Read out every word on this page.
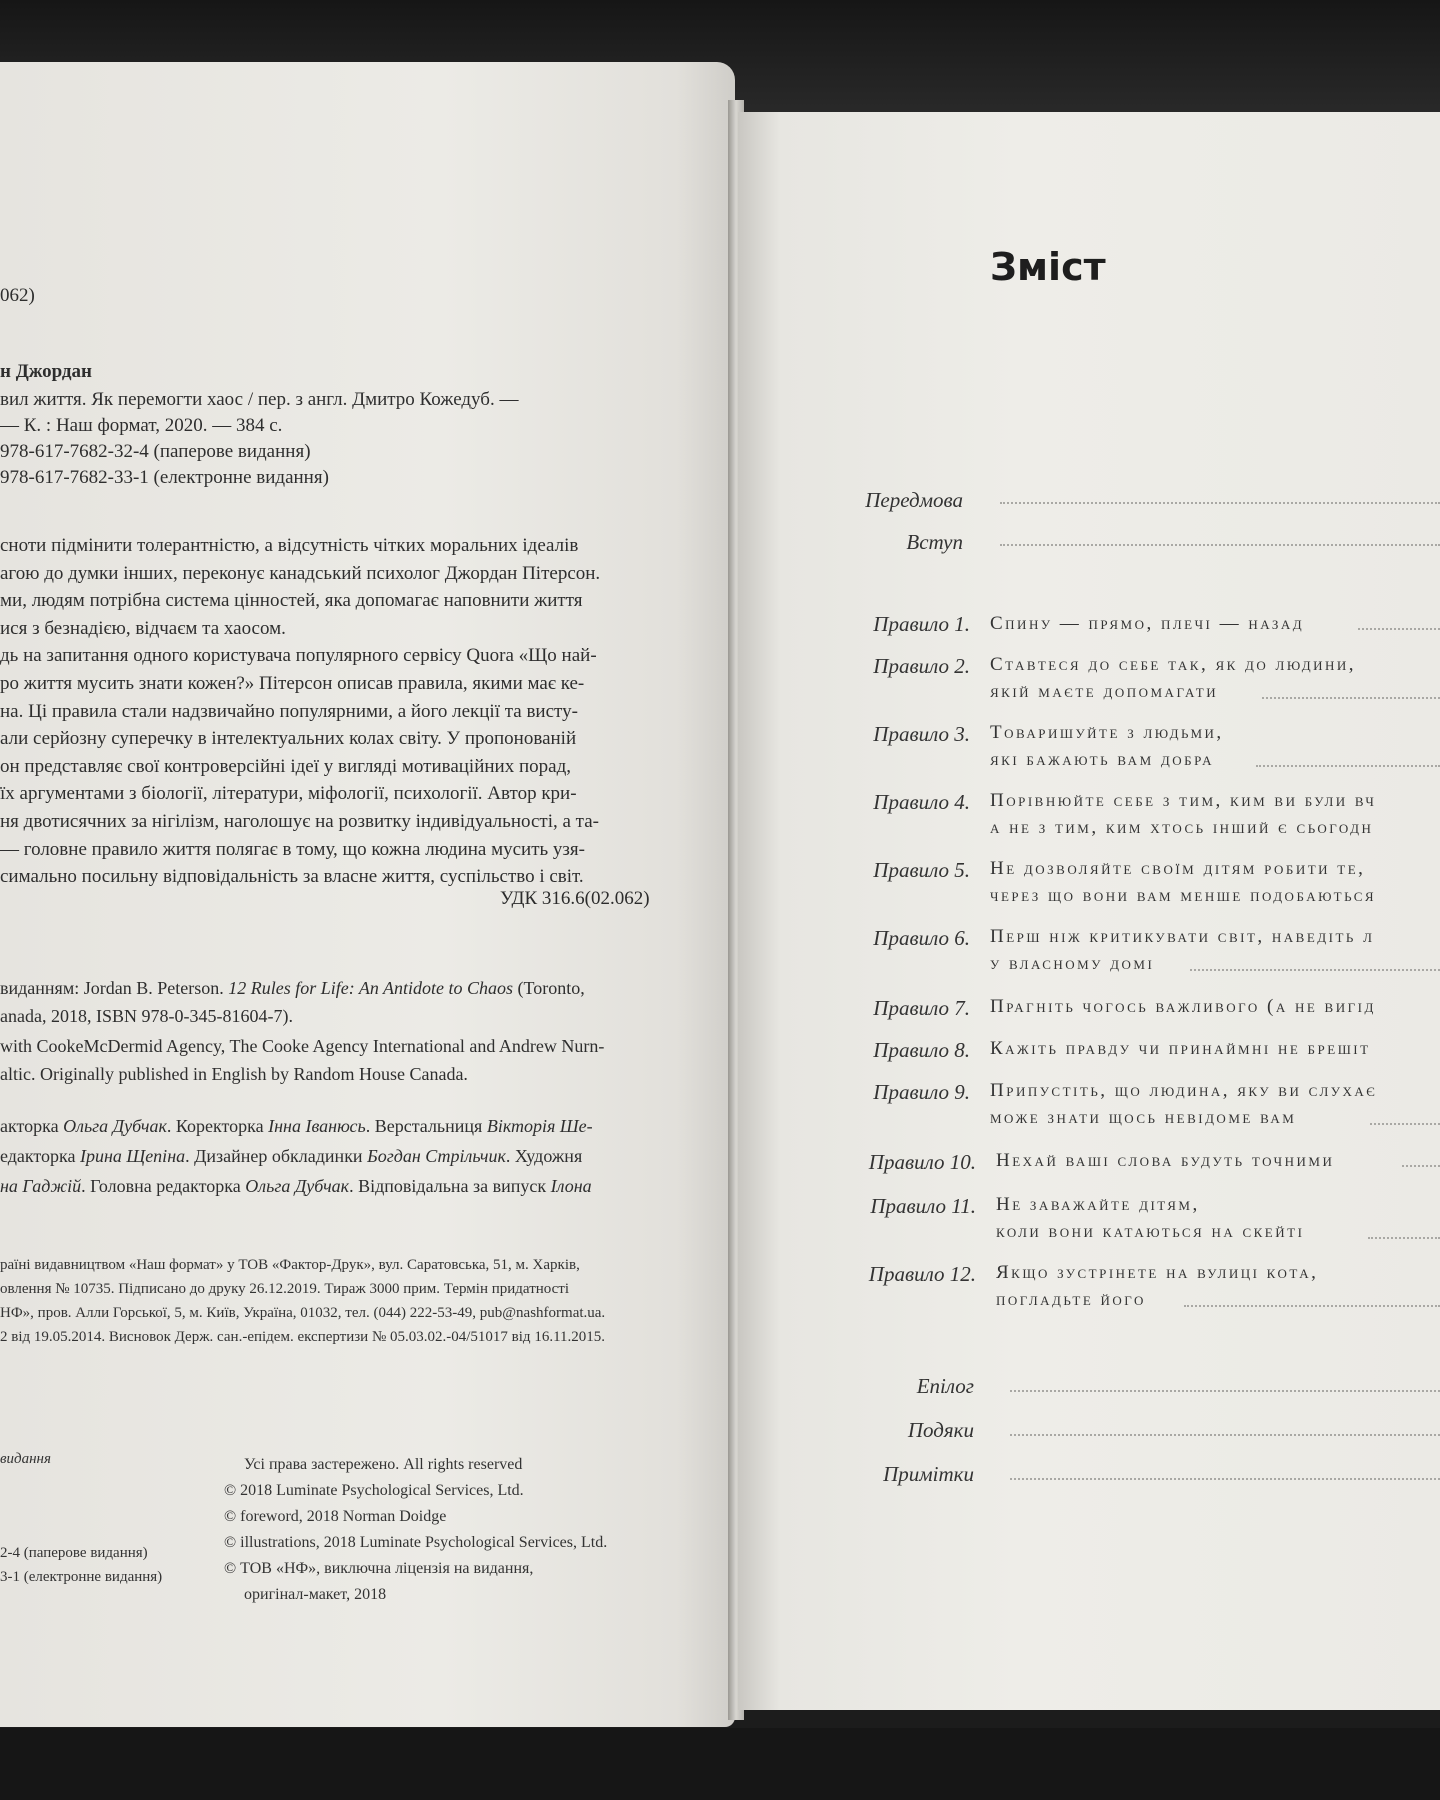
062)
н Джордан
вил життя. Як перемогти хаос / пер. з англ. Дмитро Кожедуб. —
— К. : Наш формат, 2020. — 384 с.
978-617-7682-32-4 (паперове видання)
978-617-7682-33-1 (електронне видання)
сноти підмінити толерантністю, а відсутність чітких моральних ідеалів
агою до думки інших, переконує канадський психолог Джордан Пітерсон.
ми, людям потрібна система цінностей, яка допомагає наповнити життя
ися з безнадією, відчаєм та хаосом.
дь на запитання одного користувача популярного сервісу Quora «Що най-
ро життя мусить знати кожен?» Пітерсон описав правила, якими має ке-
на. Ці правила стали надзвичайно популярними, а його лекції та висту-
али серйозну суперечку в інтелектуальних колах світу. У пропонованій
он представляє свої контроверсійні ідеї у вигляді мотиваційних порад,
їх аргументами з біології, літератури, міфології, психології. Автор кри-
ня двотисячних за нігілізм, наголошує на розвитку індивідуальності, а та-
— головне правило життя полягає в тому, що кожна людина мусить узя-
симально посильну відповідальність за власне життя, суспільство і світ.
УДК 316.6(02.062)
виданням: Jordan B. Peterson. 12 Rules for Life: An Antidote to Chaos (Toronto,
anada, 2018, ISBN 978-0-345-81604-7).
with CookeMcDermid Agency, The Cooke Agency International and Andrew Nurn-
altic. Originally published in English by Random House Canada.
акторка Ольга Дубчак. Коректорка Інна Іванюсь. Верстальниця Вікторія Ше-
едакторка Ірина Щепіна. Дизайнер обкладинки Богдан Стрільчик. Художня
на Гаджій. Головна редакторка Ольга Дубчак. Відповідальна за випуск Ілона
раїні видавництвом «Наш формат» у ТОВ «Фактор-Друк», вул. Саратовська, 51, м. Харків,
овлення № 10735. Підписано до друку 26.12.2019. Тираж 3000 прим. Термін придатності
НФ», пров. Алли Горської, 5, м. Київ, Україна, 01032, тел. (044) 222-53-49, pub@nashformat.ua.
2 від 19.05.2014. Висновок Держ. сан.-епідем. експертизи № 05.03.02.-04/51017 від 16.11.2015.
видання
2-4 (паперове видання)
3-1 (електронне видання)
Усі права застережено. All rights reserved
© 2018 Luminate Psychological Services, Ltd.
© foreword, 2018 Norman Doidge
© illustrations, 2018 Luminate Psychological Services, Ltd.
© ТОВ «НФ», виключна ліцензія на видання,
оригінал-макет, 2018
Зміст
Передмова
Вступ
Правило 1. Спину — прямо, плечі — назад
Правило 2. Ставтеся до себе так, як до людини,
якій маєте допомагати
Правило 3. Товаришуйте з людьми,
які бажають вам добра
Правило 4. Порівнюйте себе з тим, ким ви були вч
а не з тим, ким хтось інший є сьогодн
Правило 5. Не дозволяйте своїм дітям робити те,
через що вони вам менше подобаються
Правило 6. Перш ніж критикувати світ, наведіть л
у власному домі
Правило 7. Прагніть чогось важливого (а не вигід
Правило 8. Кажіть правду чи принаймні не брешіт
Правило 9. Припустіть, що людина, яку ви слухає
може знати щось невідоме вам
Правило 10. Нехай ваші слова будуть точними
Правило 11. Не заважайте дітям,
коли вони катаються на скейті
Правило 12. Якщо зустрінете на вулиці кота,
погладьте його
Епілог
Подяки
Примітки
